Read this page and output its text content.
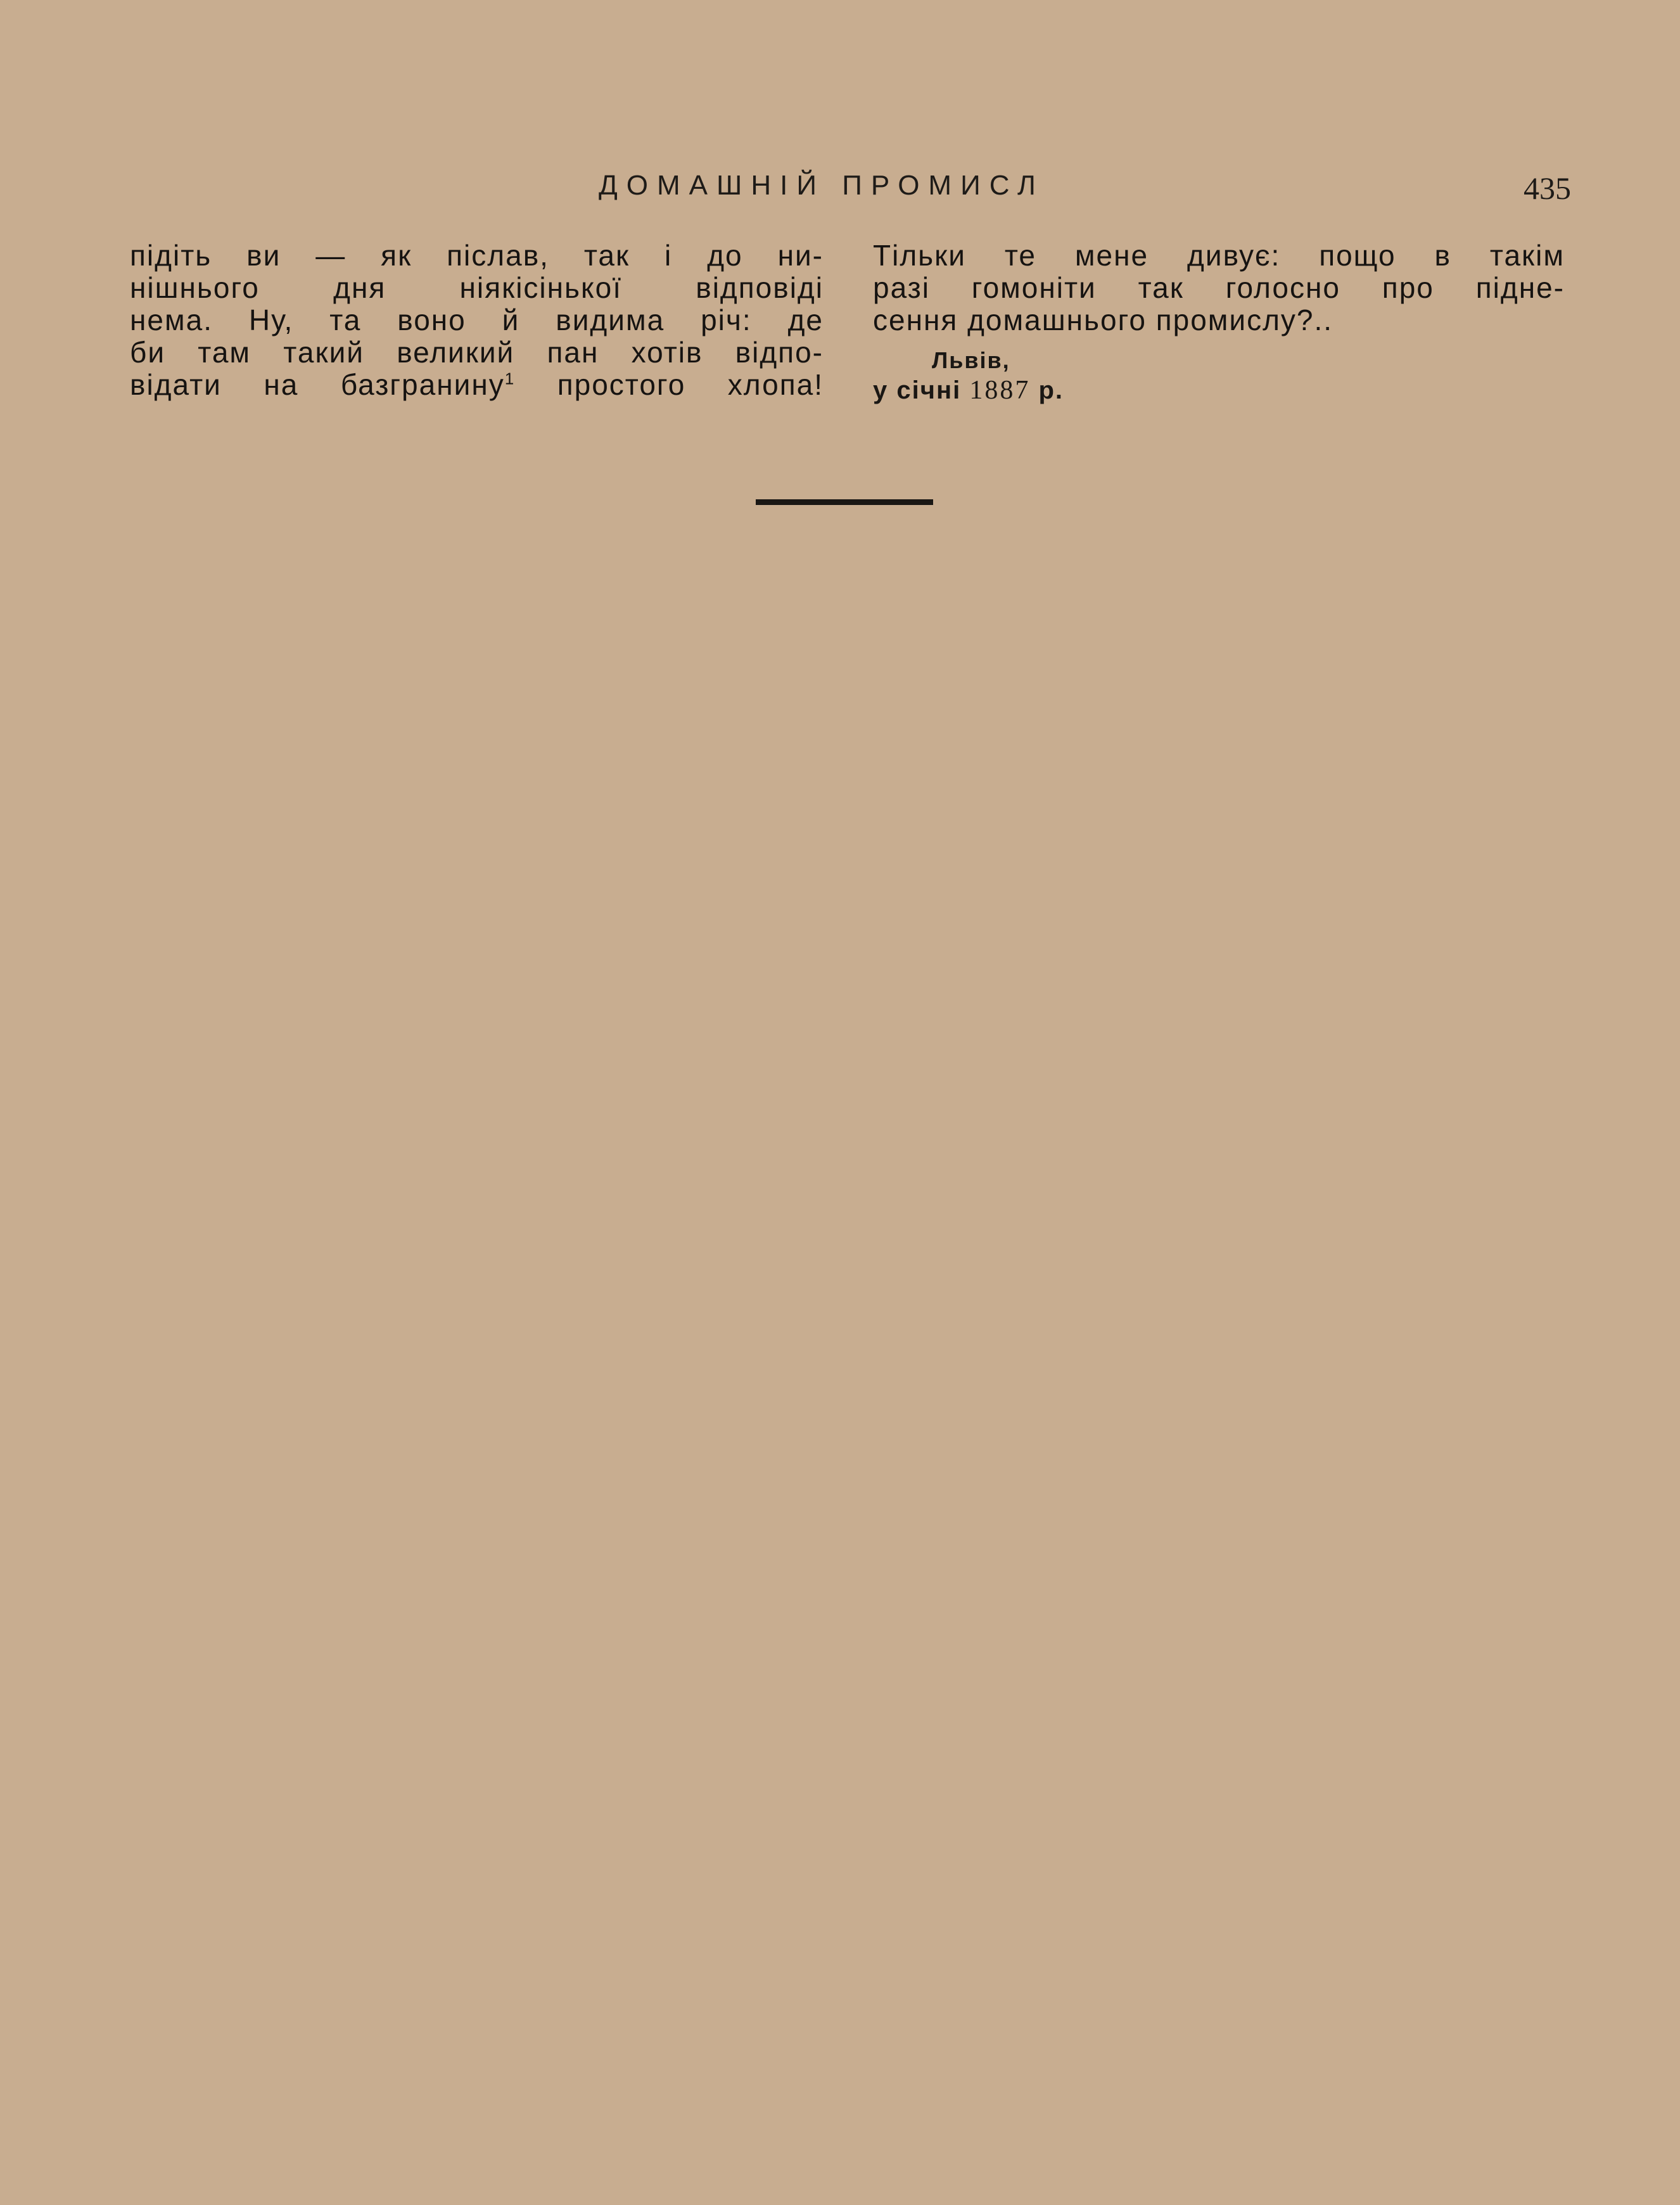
ДОМАШНІЙ ПРОМИСЛ	435
підіть ви — як післав, так і до ни-
нішнього дня ніякісінької відповіді
нема. Ну, та воно й видима річ: де
би там такий великий пан хотів відпо-
відати на базгранину$^1$ простого хлопа!
Тільки те мене дивує: пощо в такім
разі гомоніти так голосно про підне-
сення домашнього промислу?..
Львів,
у січні 1887 р.
